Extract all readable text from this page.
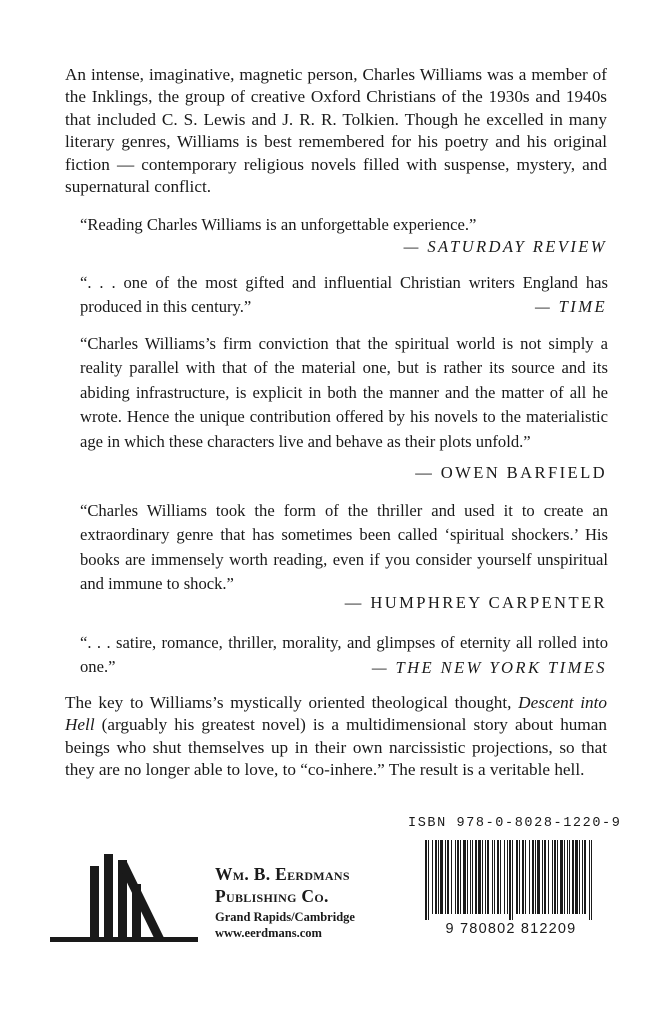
An intense, imaginative, magnetic person, Charles Williams was a member of the Inklings, the group of creative Oxford Christians of the 1930s and 1940s that included C. S. Lewis and J. R. R. Tolkien. Though he excelled in many literary genres, Williams is best remembered for his poetry and his original fiction — contemporary religious novels filled with suspense, mystery, and supernatural conflict.

“Reading Charles Williams is an unforgettable experience.”

— SATURDAY REVIEW

“. . . one of the most gifted and influential Christian writers England has produced in this century.”	— TIME

“Charles Williams’s firm conviction that the spiritual world is not simply a reality parallel with that of the material one, but is rather its source and its abiding infrastructure, is explicit in both the manner and the matter of all he wrote. Hence the unique contribution offered by his novels to the materialistic age in which these characters live and behave as their plots unfold.”

— OWEN BARFIELD

“Charles Williams took the form of the thriller and used it to create an extraordinary genre that has sometimes been called ‘spiritual shockers.’ His books are immensely worth reading, even if you consider yourself unspiritual and immune to shock.”

— HUMPHREY CARPENTER

“. . . satire, romance, thriller, morality, and glimpses of eternity all rolled into one.”	— THE NEW YORK TIMES

The key to Williams’s mystically oriented theological thought, Descent into Hell (arguably his greatest novel) is a multidimensional story about human beings who shut themselves up in their own narcissistic projections, so that they are no longer able to love, to “co-inhere.” The result is a veritable hell.

ISBN 978-0-8028-1220-9
9 780802 812209
Wm. B. Eerdmans
Publishing Co.
Grand Rapids/Cambridge
www.eerdmans.com
